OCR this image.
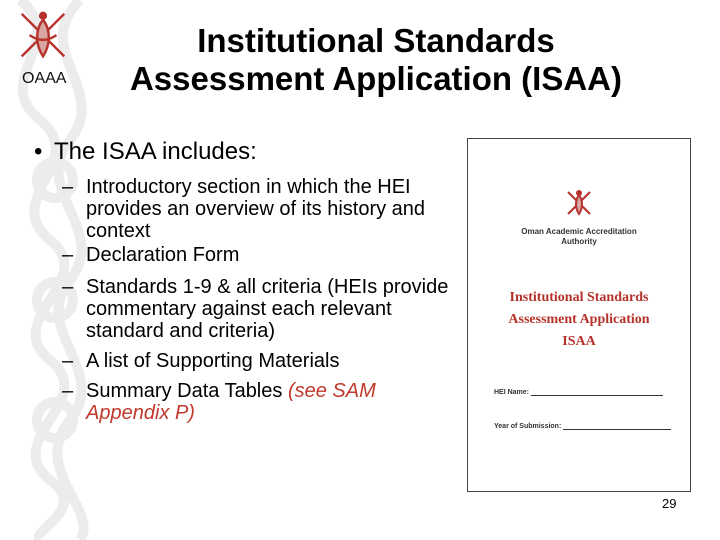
OAAA
Institutional Standards
Assessment Application (ISAA)
• The ISAA includes:
– Introductory section in which the HEI provides an overview of its history and context
– Declaration Form
– Standards 1-9 & all criteria (HEIs provide commentary against each relevant standard and criteria)
– A list of Supporting Materials
– Summary Data Tables (see SAM Appendix P)
Oman Academic Accreditation
Authority
Institutional Standards
Assessment Application
ISAA
HEI Name:
Year of Submission:
29
